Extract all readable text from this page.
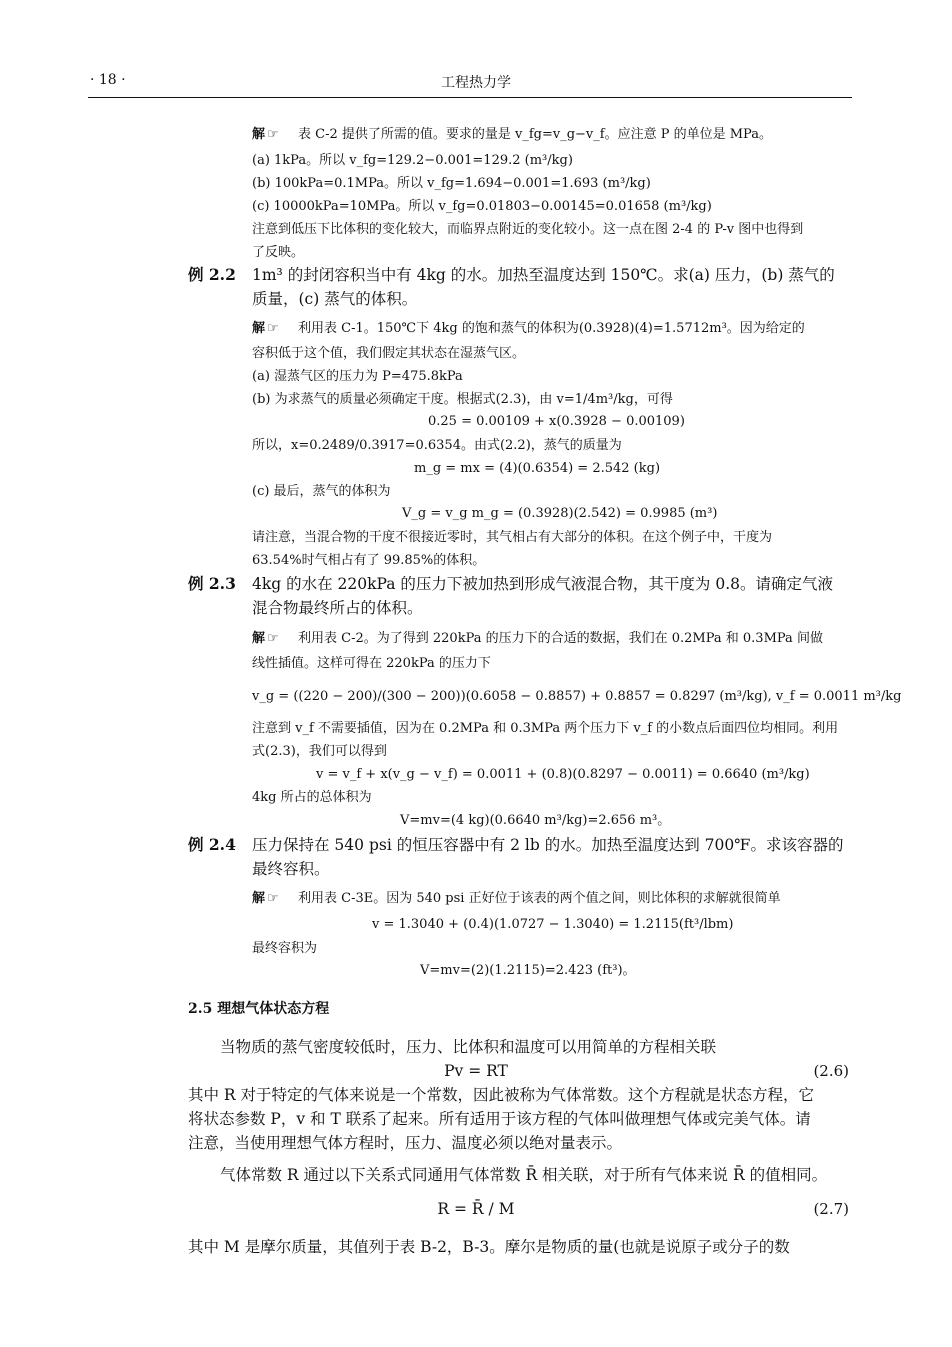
· 18 ·	工程热力学
解☞ 表 C-2 提供了所需的值。要求的量是 v_fg=v_g−v_f。应注意 P 的单位是 MPa。
(a) 1kPa。所以 v_fg=129.2−0.001=129.2 (m³/kg)
(b) 100kPa=0.1MPa。所以 v_fg=1.694−0.001=1.693 (m³/kg)
(c) 10000kPa=10MPa。所以 v_fg=0.01803−0.00145=0.01658 (m³/kg)
注意到低压下比体积的变化较大，而临界点附近的变化较小。这一点在图 2-4 的 P-v 图中也得到
了反映。
例 2.2 1m³ 的封闭容积当中有 4kg 的水。加热至温度达到 150℃。求(a) 压力，(b) 蒸气的
质量，(c) 蒸气的体积。
解☞ 利用表 C-1。150℃下 4kg 的饱和蒸气的体积为(0.3928)(4)=1.5712m³。因为给定的
容积低于这个值，我们假定其状态在湿蒸气区。
(a) 湿蒸气区的压力为 P=475.8kPa
(b) 为求蒸气的质量必须确定干度。根据式(2.3)，由 v=1/4m³/kg，可得
0.25 = 0.00109 + x(0.3928 − 0.00109)
所以，x=0.2489/0.3917=0.6354。由式(2.2)，蒸气的质量为
m_g = mx = (4)(0.6354) = 2.542 (kg)
(c) 最后，蒸气的体积为
V_g = v_g m_g = (0.3928)(2.542) = 0.9985 (m³)
请注意，当混合物的干度不很接近零时，其气相占有大部分的体积。在这个例子中，干度为
63.54%时气相占有了 99.85%的体积。
例 2.3 4kg 的水在 220kPa 的压力下被加热到形成气液混合物，其干度为 0.8。请确定气液
混合物最终所占的体积。
解☞ 利用表 C-2。为了得到 220kPa 的压力下的合适的数据，我们在 0.2MPa 和 0.3MPa 间做
线性插值。这样可得在 220kPa 的压力下
v_g = ((220 − 200)/(300 − 200))(0.6058 − 0.8857) + 0.8857 = 0.8297 (m³/kg), v_f = 0.0011 m³/kg
注意到 v_f 不需要插值，因为在 0.2MPa 和 0.3MPa 两个压力下 v_f 的小数点后面四位均相同。利用
式(2.3)，我们可以得到
v = v_f + x(v_g − v_f) = 0.0011 + (0.8)(0.8297 − 0.0011) = 0.6640 (m³/kg)
4kg 所占的总体积为
V=mv=(4 kg)(0.6640 m³/kg)=2.656 m³。
例 2.4 压力保持在 540 psi 的恒压容器中有 2 lb 的水。加热至温度达到 700℉。求该容器的
最终容积。
解☞ 利用表 C-3E。因为 540 psi 正好位于该表的两个值之间，则比体积的求解就很简单
v = 1.3040 + (0.4)(1.0727 − 1.3040) = 1.2115(ft³/lbm)
最终容积为
V=mv=(2)(1.2115)=2.423 (ft³)。
2.5 理想气体状态方程
当物质的蒸气密度较低时，压力、比体积和温度可以用简单的方程相关联
Pv = RT	(2.6)
其中 R 对于特定的气体来说是一个常数，因此被称为气体常数。这个方程就是状态方程，它
将状态参数 P，v 和 T 联系了起来。所有适用于该方程的气体叫做理想气体或完美气体。请
注意，当使用理想气体方程时，压力、温度必须以绝对量表示。
气体常数 R 通过以下关系式同通用气体常数 R̄ 相关联，对于所有气体来说 R̄ 的值相同。
R = R̄ / M	(2.7)
其中 M 是摩尔质量，其值列于表 B-2，B-3。摩尔是物质的量(也就是说原子或分子的数
